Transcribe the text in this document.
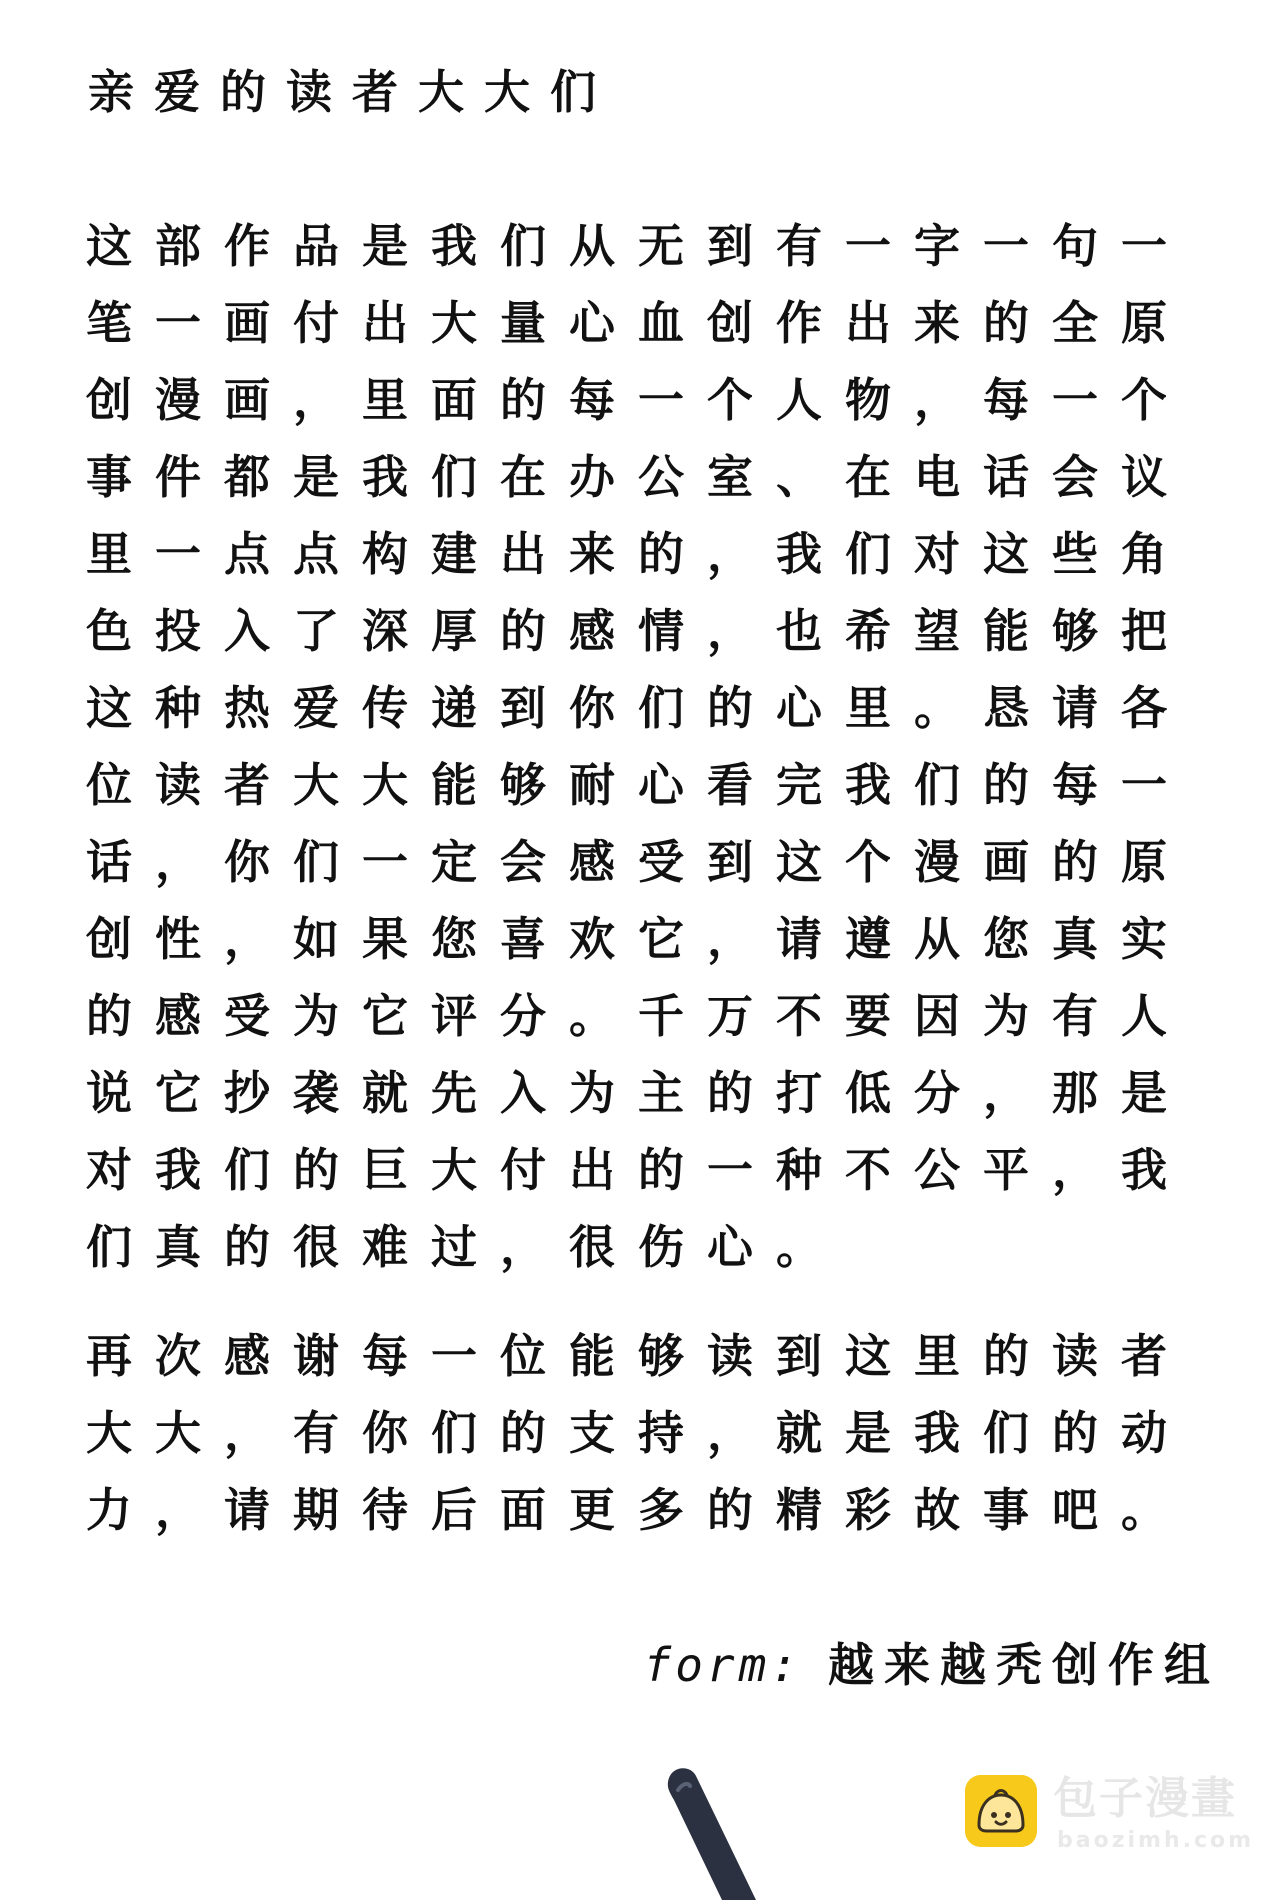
亲爱的读者大大们

这部作品是我们从无到有一字一句一笔一画付出大量心血创作出来的全原创漫画，里面的每一个人物，每一个事件都是我们在办公室、在电话会议里一点点构建出来的，我们对这些角色投入了深厚的感情，也希望能够把这种热爱传递到你们的心里。恳请各位读者大大能够耐心看完我们的每一话，你们一定会感受到这个漫画的原创性，如果您喜欢它，请遵从您真实的感受为它评分。千万不要因为有人说它抄袭就先入为主的打低分，那是对我们的巨大付出的一种不公平，我们真的很难过，很伤心。

再次感谢每一位能够读到这里的读者大大，有你们的支持，就是我们的动力，请期待后面更多的精彩故事吧。

form: 越来越秃创作组
包子漫畫
baozimh.com
